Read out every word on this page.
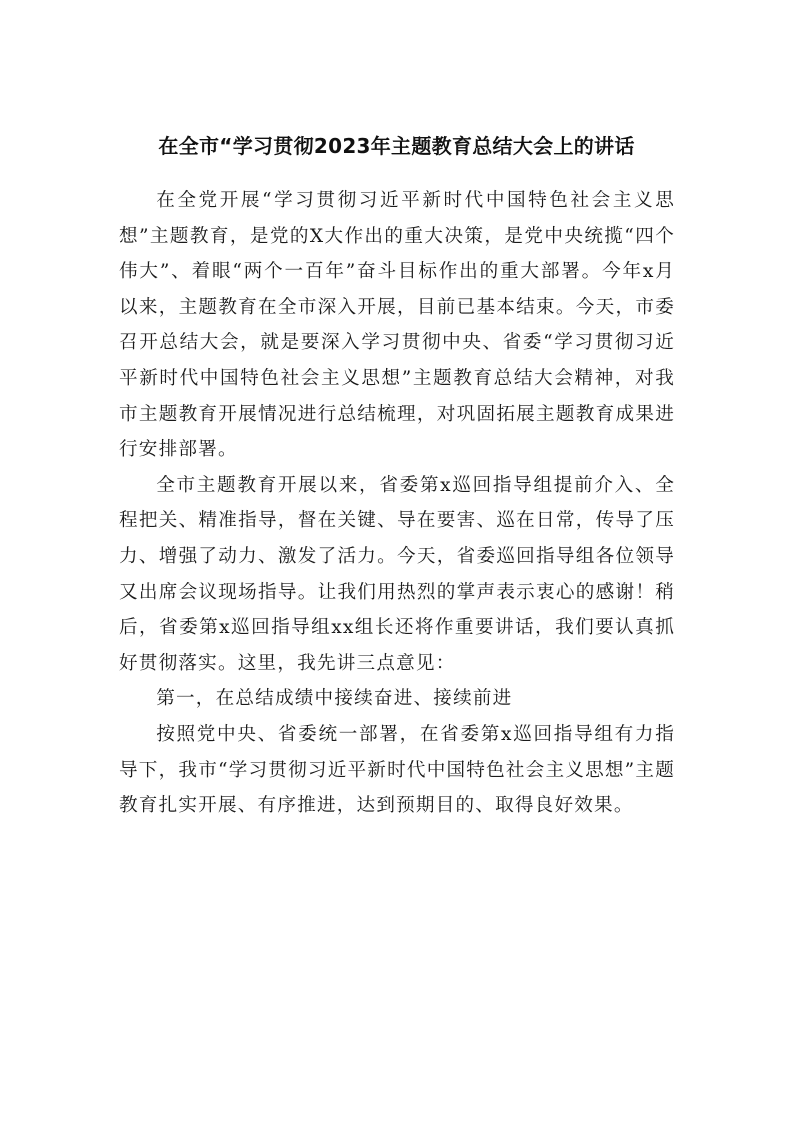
在全市“学习贯彻2023年主题教育总结大会上的讲话

在全党开展“学习贯彻习近平新时代中国特色社会主义思想”主题教育，是党的X大作出的重大决策，是党中央统揽“四个伟大”、着眼“两个一百年”奋斗目标作出的重大部署。今年x月以来，主题教育在全市深入开展，目前已基本结束。今天，市委召开总结大会，就是要深入学习贯彻中央、省委“学习贯彻习近平新时代中国特色社会主义思想”主题教育总结大会精神，对我市主题教育开展情况进行总结梳理，对巩固拓展主题教育成果进行安排部署。

全市主题教育开展以来，省委第x巡回指导组提前介入、全程把关、精准指导，督在关键、导在要害、巡在日常，传导了压力、增强了动力、激发了活力。今天，省委巡回指导组各位领导又出席会议现场指导。让我们用热烈的掌声表示衷心的感谢！稍后，省委第x巡回指导组xx组长还将作重要讲话，我们要认真抓好贯彻落实。这里，我先讲三点意见：

第一，在总结成绩中接续奋进、接续前进

按照党中央、省委统一部署，在省委第x巡回指导组有力指导下，我市“学习贯彻习近平新时代中国特色社会主义思想”主题教育扎实开展、有序推进，达到预期目的、取得良好效果。
